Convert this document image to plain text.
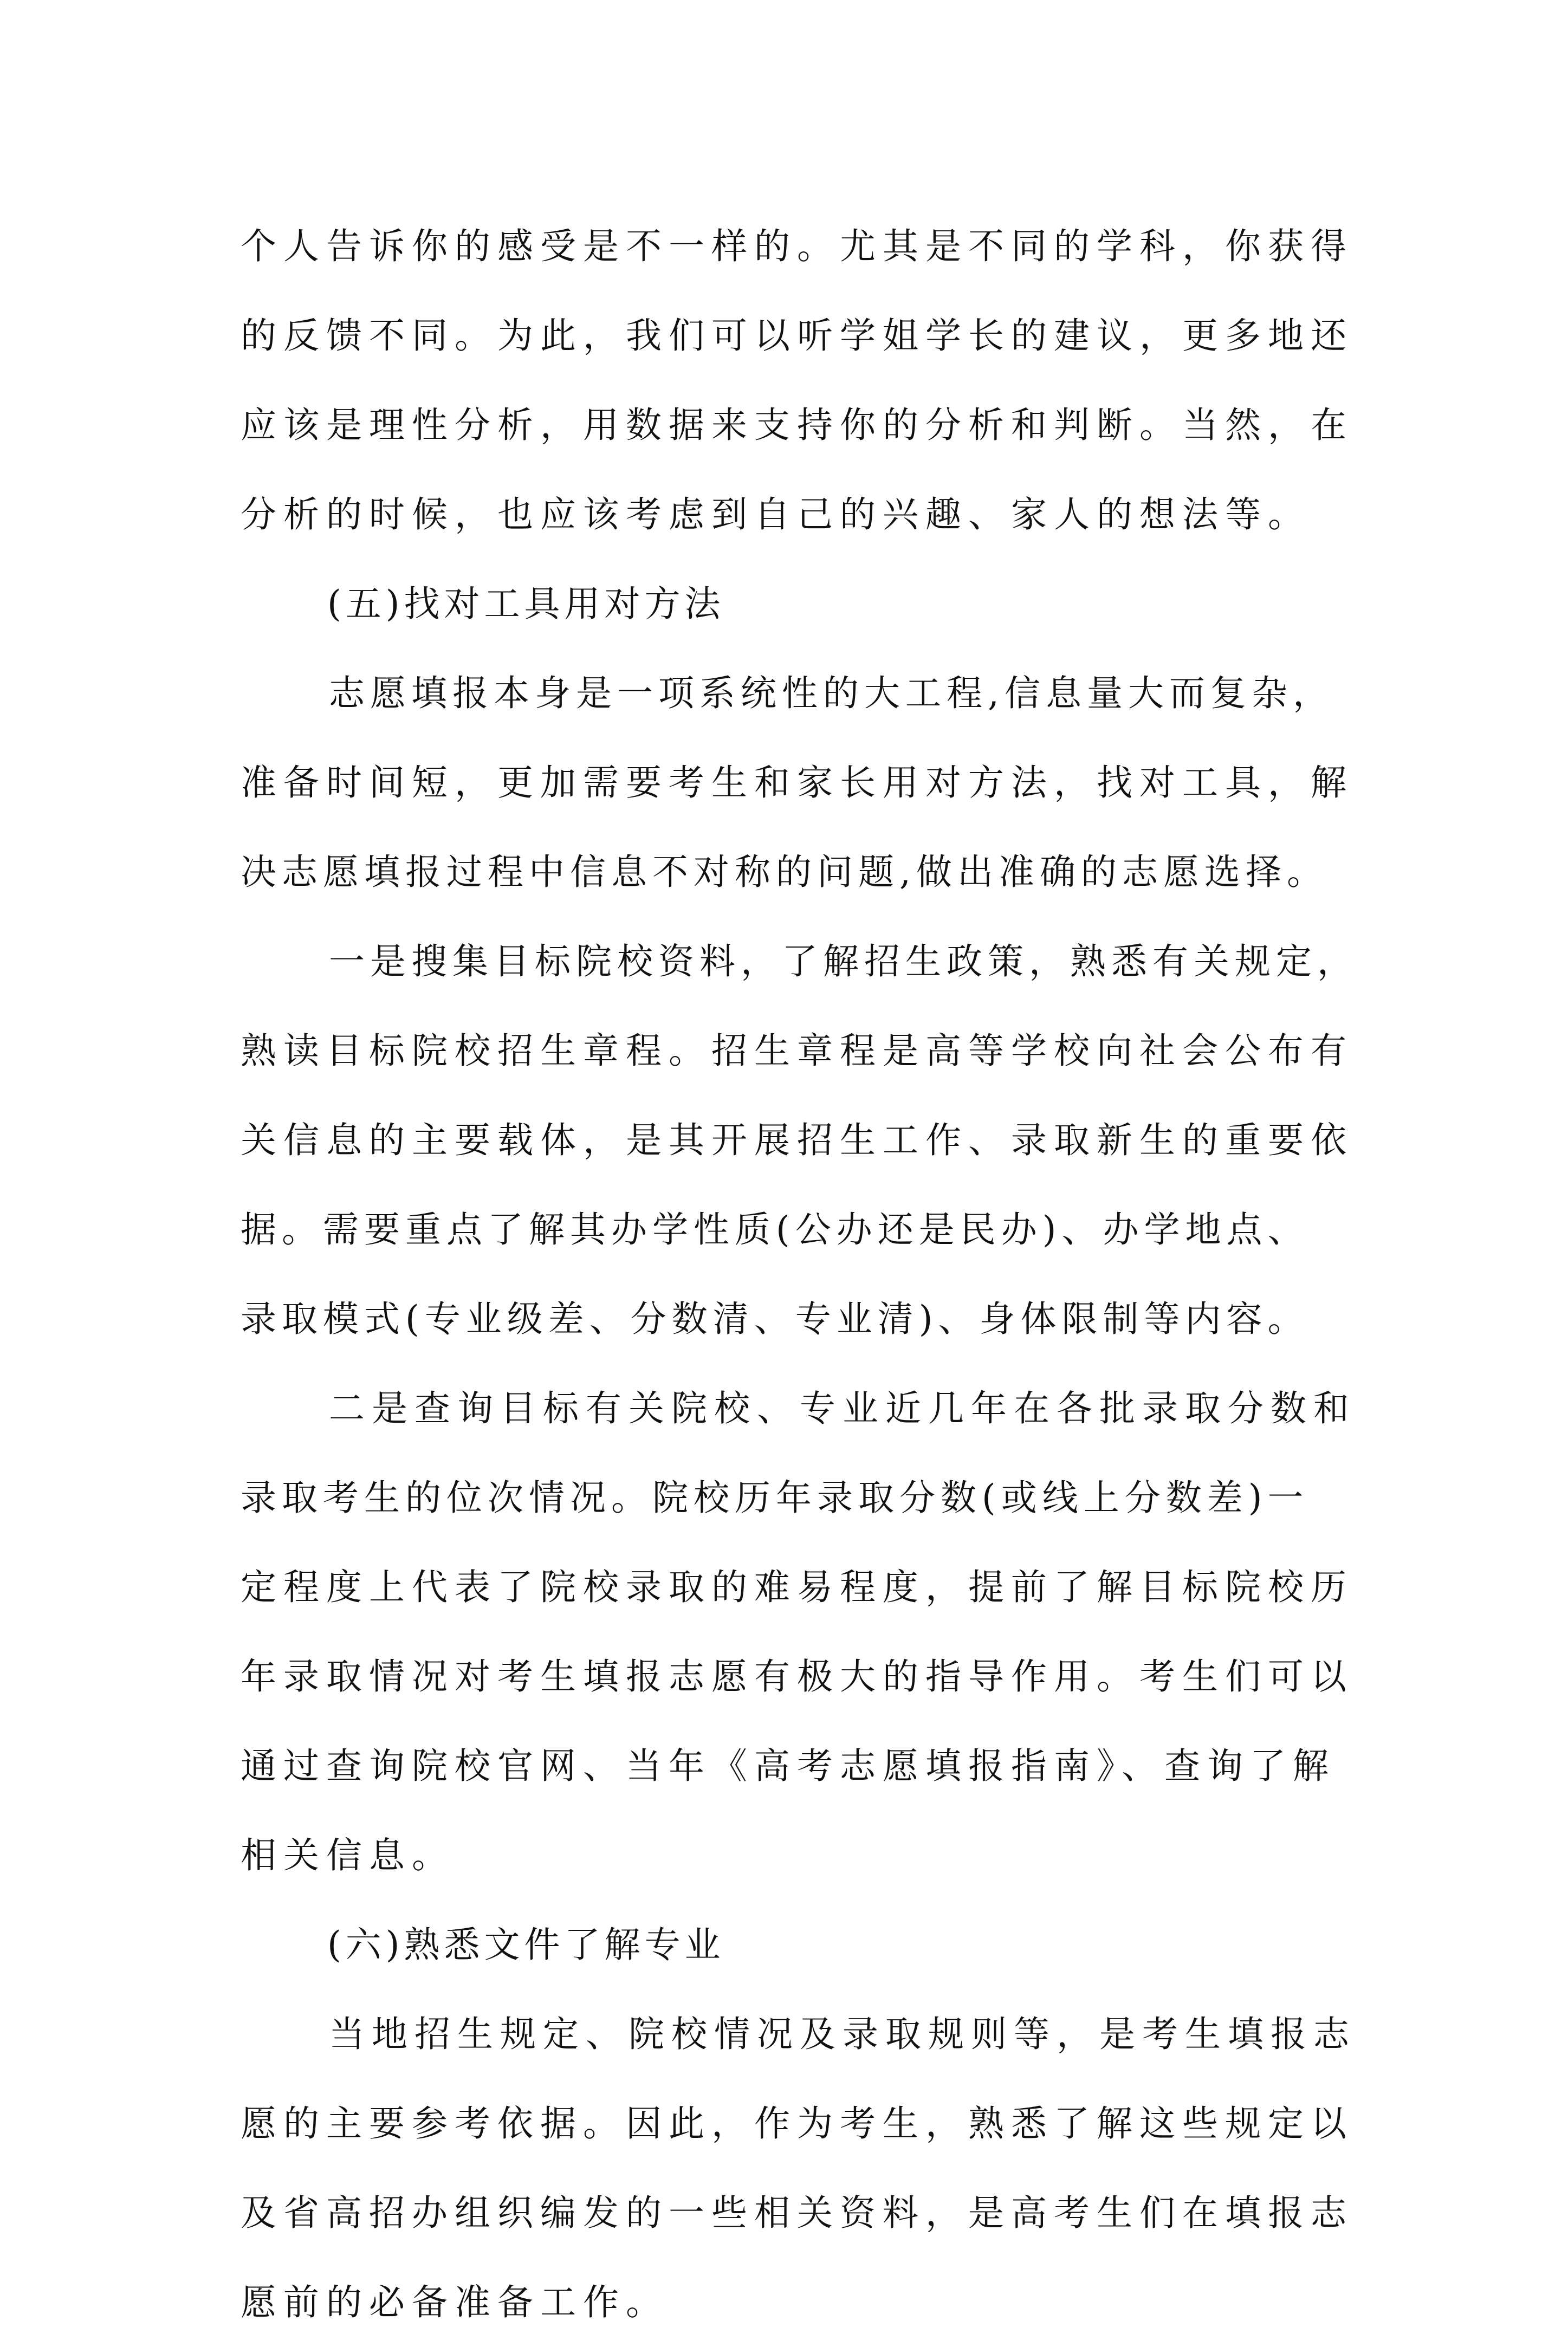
个人告诉你的感受是不一样的。尤其是不同的学科，你获得
的反馈不同。为此，我们可以听学姐学长的建议，更多地还
应该是理性分析，用数据来支持你的分析和判断。当然，在
分析的时候，也应该考虑到自己的兴趣、家人的想法等。
(五)找对工具用对方法
志愿填报本身是一项系统性的大工程,信息量大而复杂，
准备时间短，更加需要考生和家长用对方法，找对工具，解
决志愿填报过程中信息不对称的问题,做出准确的志愿选择。
一是搜集目标院校资料，了解招生政策，熟悉有关规定，
熟读目标院校招生章程。招生章程是高等学校向社会公布有
关信息的主要载体，是其开展招生工作、录取新生的重要依
据。需要重点了解其办学性质(公办还是民办)、办学地点、
录取模式(专业级差、分数清、专业清)、身体限制等内容。
二是查询目标有关院校、专业近几年在各批录取分数和
录取考生的位次情况。院校历年录取分数(或线上分数差)一
定程度上代表了院校录取的难易程度，提前了解目标院校历
年录取情况对考生填报志愿有极大的指导作用。考生们可以
通过查询院校官网、当年《高考志愿填报指南》、查询了解
相关信息。
(六)熟悉文件了解专业
当地招生规定、院校情况及录取规则等，是考生填报志
愿的主要参考依据。因此，作为考生，熟悉了解这些规定以
及省高招办组织编发的一些相关资料，是高考生们在填报志
愿前的必备准备工作。
